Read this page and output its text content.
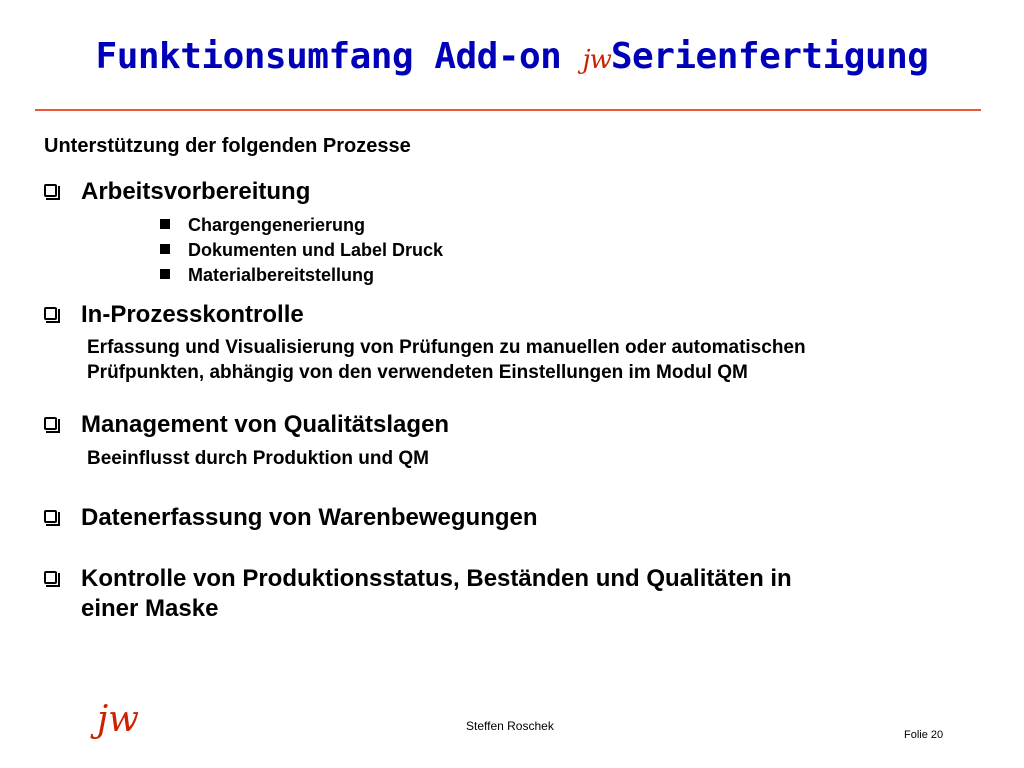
Funktionsumfang Add-on jwSerienfertigung
Unterstützung der folgenden Prozesse
Arbeitsvorbereitung
Chargengenerierung
Dokumenten und Label Druck
Materialbereitstellung
In-Prozesskontrolle
Erfassung und Visualisierung von Prüfungen zu manuellen oder automatischen
Prüfpunkten, abhängig von den verwendeten Einstellungen im Modul QM
Management von Qualitätslagen
Beeinflusst durch Produktion und QM
Datenerfassung von Warenbewegungen
Kontrolle von Produktionsstatus, Beständen und Qualitäten in
einer Maske
jw	Steffen Roschek
Folie 20
